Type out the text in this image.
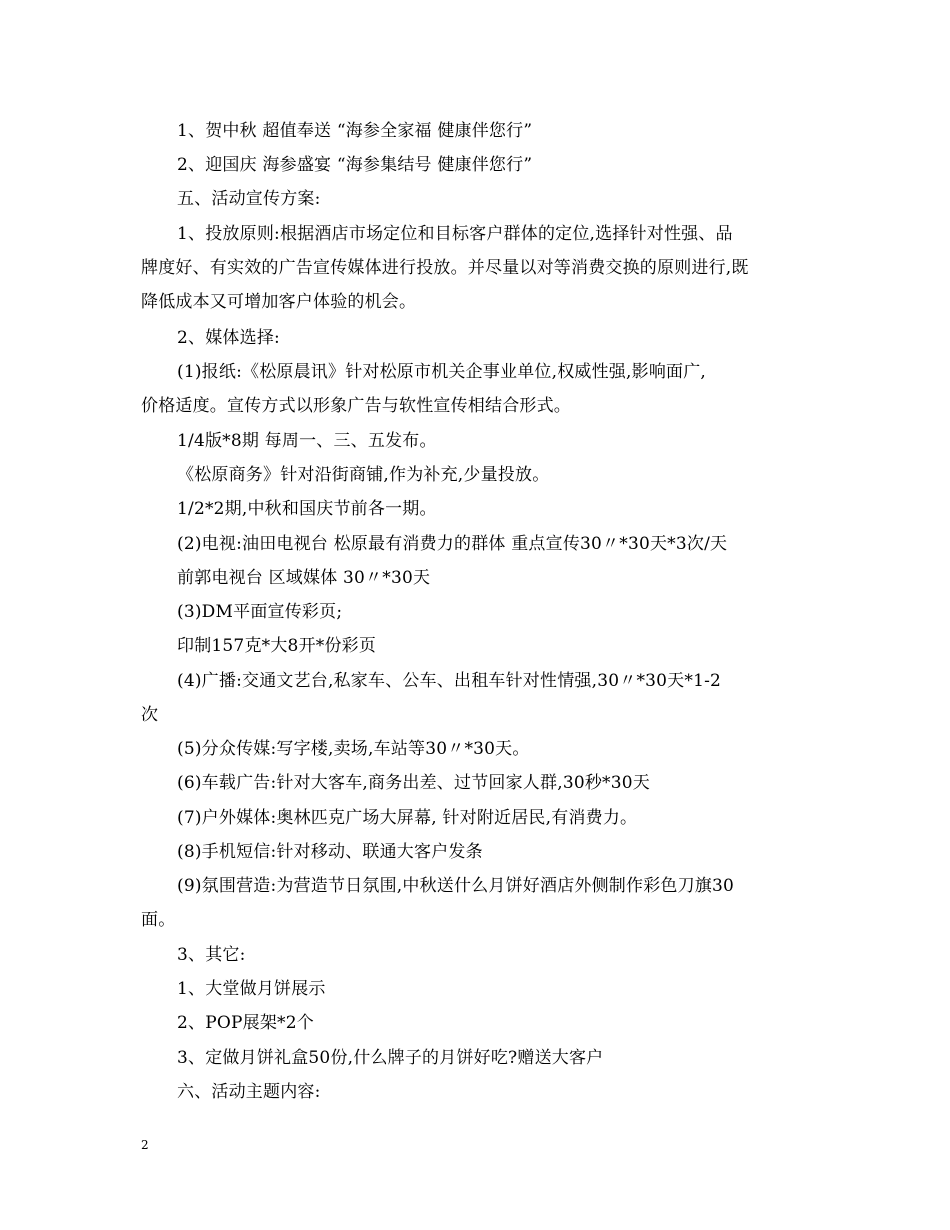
1、贺中秋 超值奉送 “海参全家福 健康伴您行”
2、迎国庆 海参盛宴 “海参集结号 健康伴您行”
五、活动宣传方案:
1、投放原则:根据酒店市场定位和目标客户群体的定位,选择针对性强、品
牌度好、有实效的广告宣传媒体进行投放。并尽量以对等消费交换的原则进行,既
降低成本又可增加客户体验的机会。
2、媒体选择:
(1)报纸:《松原晨讯》针对松原市机关企事业单位,权威性强,影响面广,
价格适度。宣传方式以形象广告与软性宣传相结合形式。
1/4版*8期 每周一、三、五发布。
《松原商务》针对沿街商铺,作为补充,少量投放。
1/2*2期,中秋和国庆节前各一期。
(2)电视:油田电视台 松原最有消费力的群体 重点宣传30〃*30天*3次/天
前郭电视台 区域媒体 30〃*30天
(3)DM平面宣传彩页;
印制157克*大8开*份彩页
(4)广播:交通文艺台,私家车、公车、出租车针对性情强,30〃*30天*1-2
次
(5)分众传媒:写字楼,卖场,车站等30〃*30天。
(6)车载广告:针对大客车,商务出差、过节回家人群,30秒*30天
(7)户外媒体:奥林匹克广场大屏幕, 针对附近居民,有消费力。
(8)手机短信:针对移动、联通大客户发条
(9)氛围营造:为营造节日氛围,中秋送什么月饼好酒店外侧制作彩色刀旗30
面。
3、其它:
1、大堂做月饼展示
2、POP展架*2个
3、定做月饼礼盒50份,什么牌子的月饼好吃?赠送大客户
六、活动主题内容:
2
